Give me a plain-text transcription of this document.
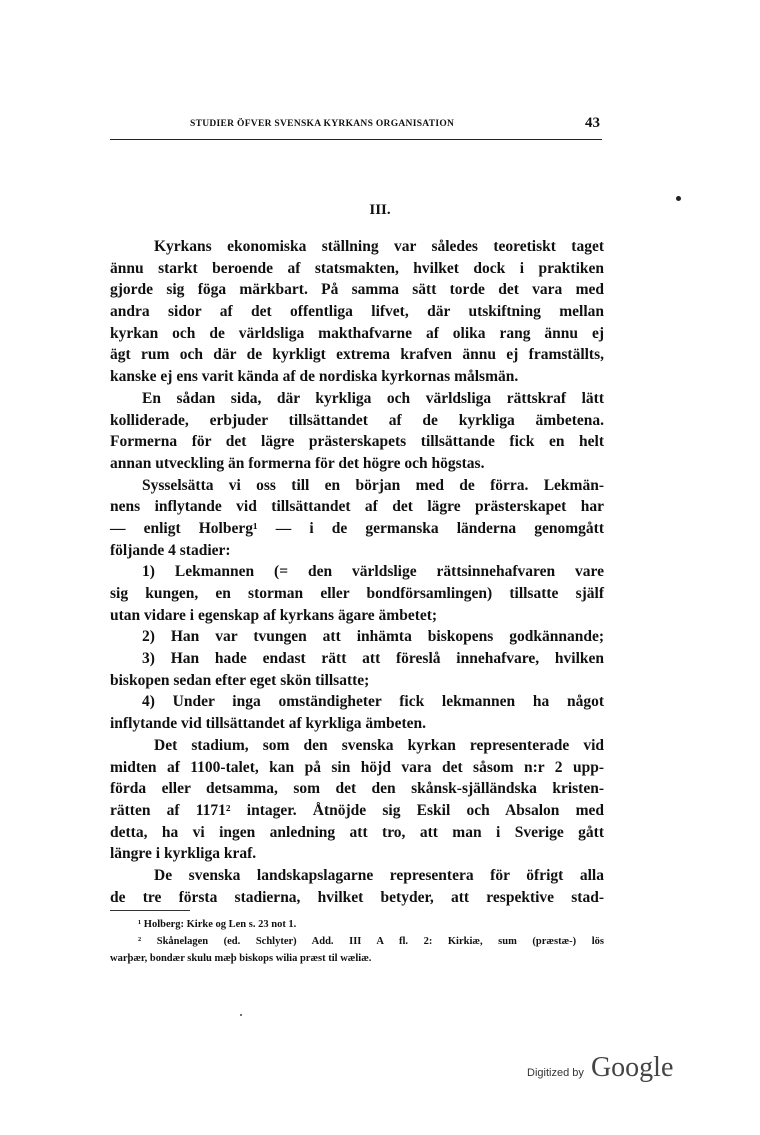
STUDIER ÖFVER SVENSKA KYRKANS ORGANISATION	43
III.
Kyrkans ekonomiska ställning var således teoretiskt taget
ännu starkt beroende af statsmakten, hvilket dock i praktiken
gjorde sig föga märkbart. På samma sätt torde det vara med
andra sidor af det offentliga lifvet, där utskiftning mellan
kyrkan och de världsliga makthafvarne af olika rang ännu ej
ägt rum och där de kyrkligt extrema krafven ännu ej framställts,
kanske ej ens varit kända af de nordiska kyrkornas målsmän.
En sådan sida, där kyrkliga och världsliga rättskraf lätt
kolliderade, erbjuder tillsättandet af de kyrkliga ämbetena.
Formerna för det lägre prästerskapets tillsättande fick en helt
annan utveckling än formerna för det högre och högstas.
Sysselsätta vi oss till en början med de förra. Lekmän-
nens inflytande vid tillsättandet af det lägre prästerskapet har
— enligt Holberg¹ — i de germanska länderna genomgått
följande 4 stadier:
1) Lekmannen (= den världslige rättsinnehafvaren vare
sig kungen, en storman eller bondförsamlingen) tillsatte själf
utan vidare i egenskap af kyrkans ägare ämbetet;
2) Han var tvungen att inhämta biskopens godkännande;
3) Han hade endast rätt att föreslå innehafvare, hvilken
biskopen sedan efter eget skön tillsatte;
4) Under inga omständigheter fick lekmannen ha något
inflytande vid tillsättandet af kyrkliga ämbeten.
Det stadium, som den svenska kyrkan representerade vid
midten af 1100-talet, kan på sin höjd vara det såsom n:r 2 upp-
förda eller detsamma, som det den skånsk-själländska kristen-
rätten af 1171² intager. Åtnöjde sig Eskil och Absalon med
detta, ha vi ingen anledning att tro, att man i Sverige gått
längre i kyrkliga kraf.
De svenska landskapslagarne representera för öfrigt alla
de tre första stadierna, hvilket betyder, att respektive stad-
¹ Holberg: Kirke og Len s. 23 not 1.
² Skånelagen (ed. Schlyter) Add. III A fl. 2: Kirkiæ, sum (præstæ-) lös
warþær, bondær skulu mæþ biskops wilia præst til wæliæ.
Digitized by Google
